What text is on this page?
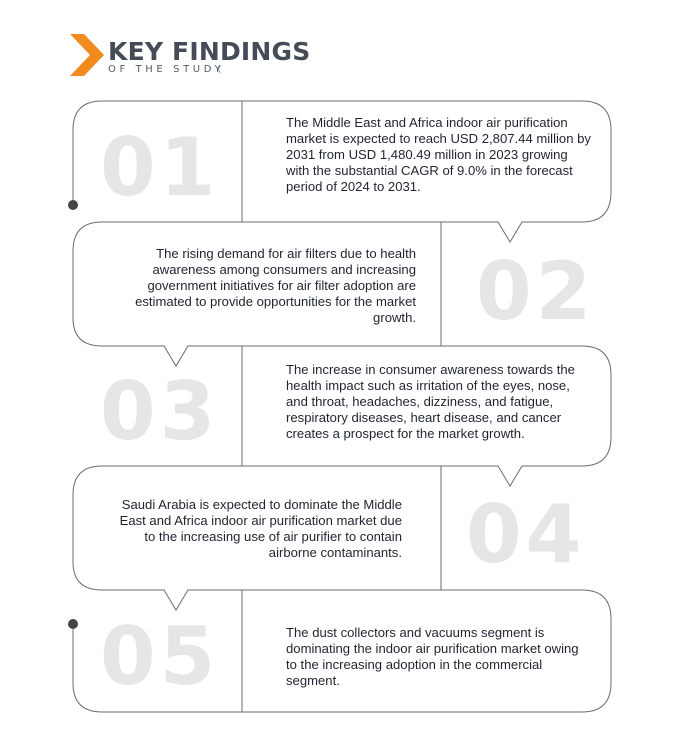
KEY FINDINGS
OF THE STUDY
01
02
03
04
05
The Middle East and Africa indoor air purification market is expected to reach USD 2,807.44 million by 2031 from USD 1,480.49 million in 2023 growing with the substantial CAGR of 9.0% in the forecast period of 2024 to 2031.
The rising demand for air filters due to health awareness among consumers and increasing government initiatives for air filter adoption are estimated to provide opportunities for the market growth.
The increase in consumer awareness towards the health impact such as irritation of the eyes, nose, and throat, headaches, dizziness, and fatigue, respiratory diseases, heart disease, and cancer creates a prospect for the market growth.
Saudi Arabia is expected to dominate the Middle East and Africa indoor air purification market due to the increasing use of air purifier to contain airborne contaminants.
The dust collectors and vacuums segment is dominating the indoor air purification market owing to the increasing adoption in the commercial segment.
